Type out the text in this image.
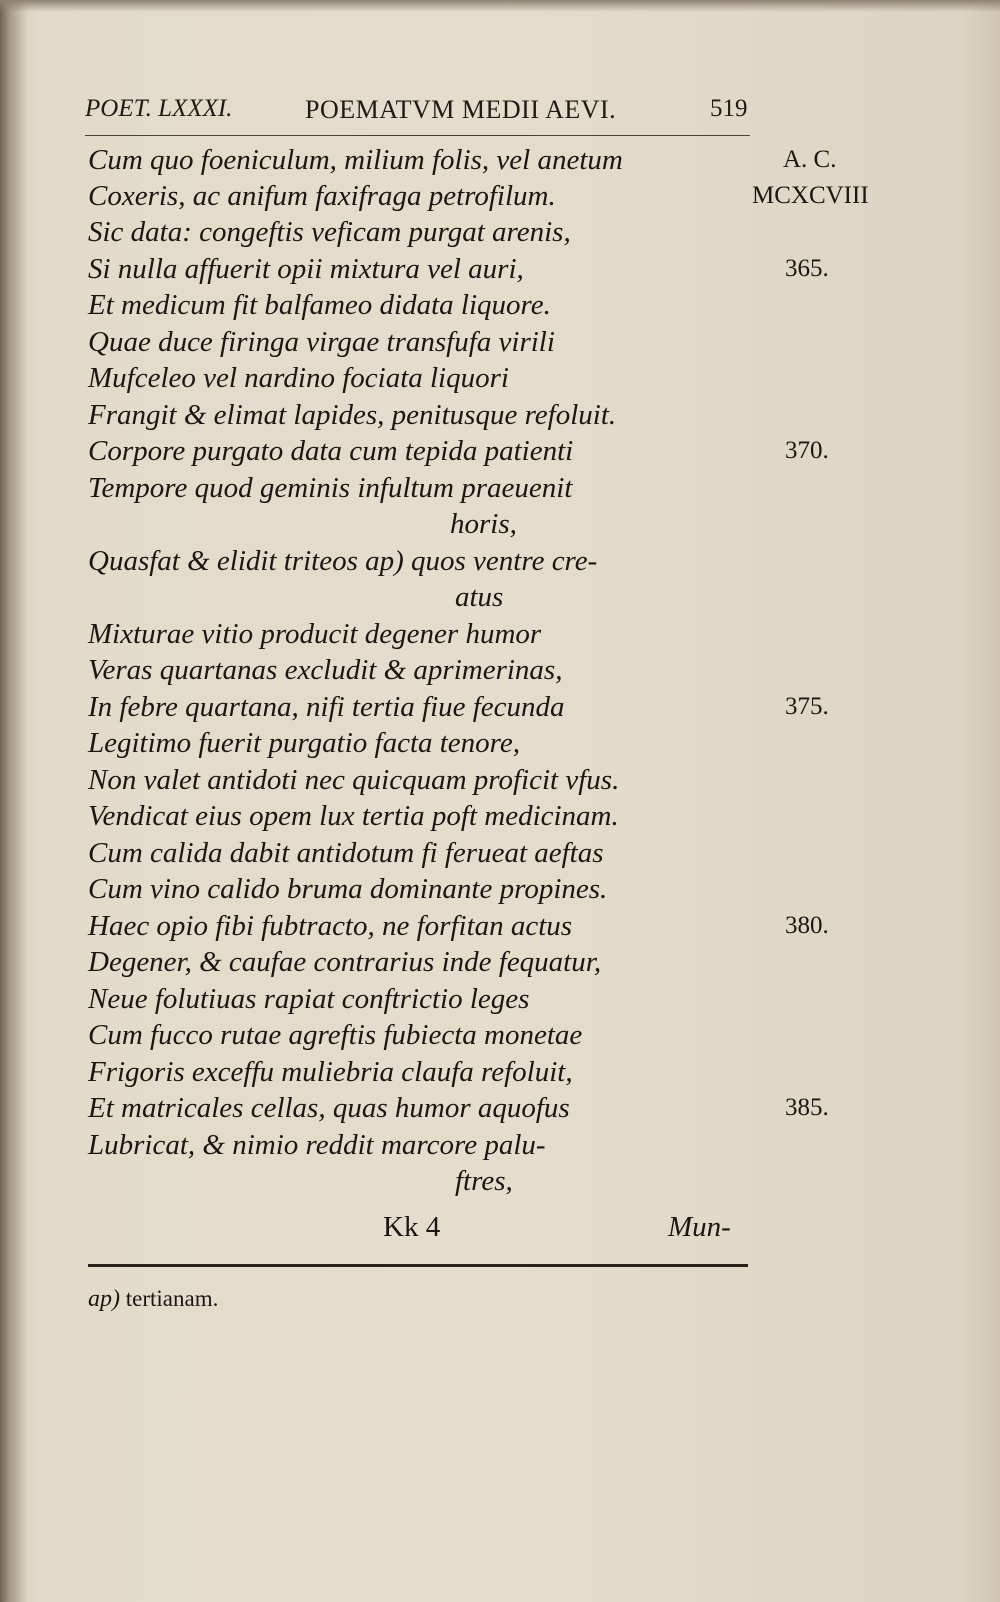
POET. LXXXI.	POEMATVM MEDII AEVI.	519
Cum quo foeniculum, milium folis, vel anetum
Coxeris, ac anifum faxifraga petrofilum.
Sic data: congeftis veficam purgat arenis,
Si nulla affuerit opii mixtura vel auri,
Et medicum fit balfameo didata liquore.
Quae duce firinga virgae transfufa virili
Mufceleo vel nardino fociata liquori
Frangit & elimat lapides, penitusque refoluit.
Corpore purgato data cum tepida patienti
Tempore quod geminis infultum praeuenit
horis,
Quasfat & elidit triteos ap) quos ventre cre-
atus
Mixturae vitio producit degener humor
Veras quartanas excludit & aprimerinas,
In febre quartana, nifi tertia fiue fecunda
Legitimo fuerit purgatio facta tenore,
Non valet antidoti nec quicquam proficit vfus.
Vendicat eius opem lux tertia poft medicinam.
Cum calida dabit antidotum fi ferueat aeftas
Cum vino calido bruma dominante propines.
Haec opio fibi fubtracto, ne forfitan actus
Degener, & caufae contrarius inde fequatur,
Neue folutiuas rapiat conftrictio leges
Cum fucco rutae agreftis fubiecta monetae
Frigoris exceffu muliebria claufa refoluit,
Et matricales cellas, quas humor aquofus
Lubricat, & nimio reddit marcore palu-
ftres,
A. C.
MCXCVIII
365.
370.
375.
380.
385.
Kk 4	Mun-
ap) tertianam.
